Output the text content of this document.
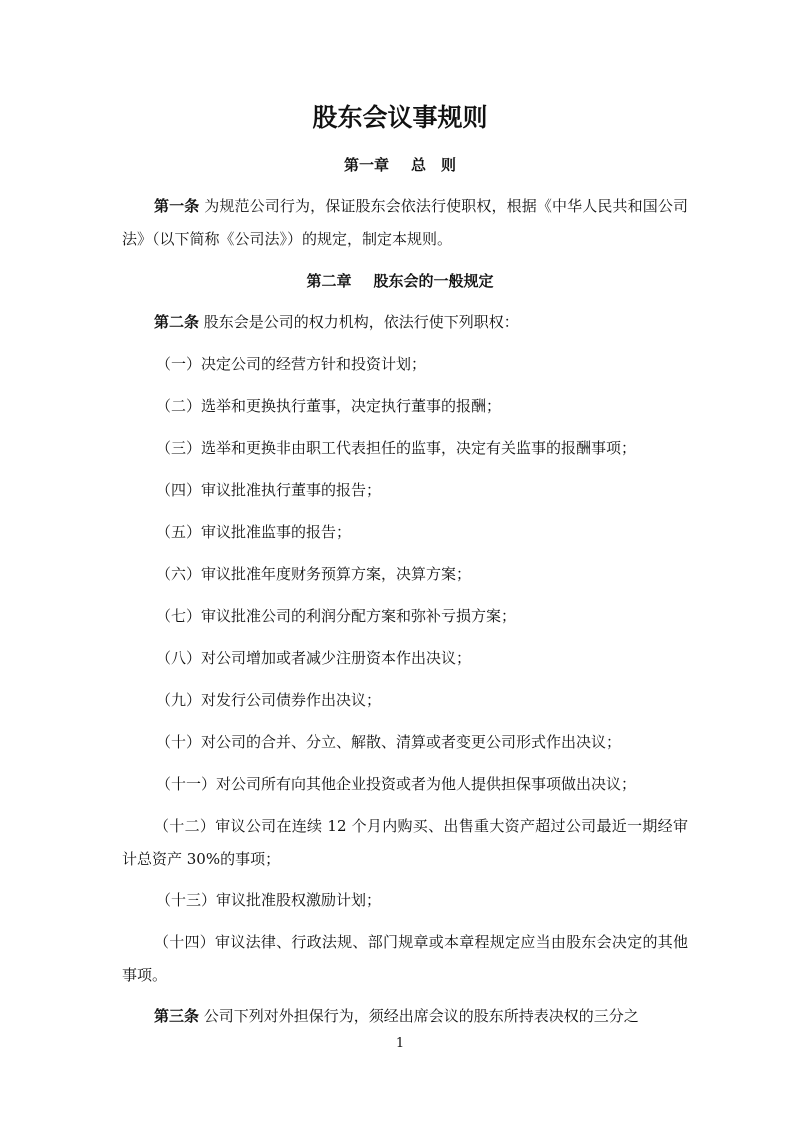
股东会议事规则
第一章 总　则
第一条 为规范公司行为，保证股东会依法行使职权，根据《中华人民共和国公司法》（以下简称《公司法》）的规定，制定本规则。
第二章 股东会的一般规定
第二条 股东会是公司的权力机构，依法行使下列职权：
（一）决定公司的经营方针和投资计划；
（二）选举和更换执行董事，决定执行董事的报酬；
（三）选举和更换非由职工代表担任的监事，决定有关监事的报酬事项；
（四）审议批准执行董事的报告；
（五）审议批准监事的报告；
（六）审议批准年度财务预算方案，决算方案；
（七）审议批准公司的利润分配方案和弥补亏损方案；
（八）对公司增加或者减少注册资本作出决议；
（九）对发行公司债券作出决议；
（十）对公司的合并、分立、解散、清算或者变更公司形式作出决议；
（十一）对公司所有向其他企业投资或者为他人提供担保事项做出决议；
（十二）审议公司在连续 12 个月内购买、出售重大资产超过公司最近一期经审计总资产 30%的事项；
（十三）审议批准股权激励计划；
（十四）审议法律、行政法规、部门规章或本章程规定应当由股东会决定的其他事项。
第三条 公司下列对外担保行为，须经出席会议的股东所持表决权的三分之
1
